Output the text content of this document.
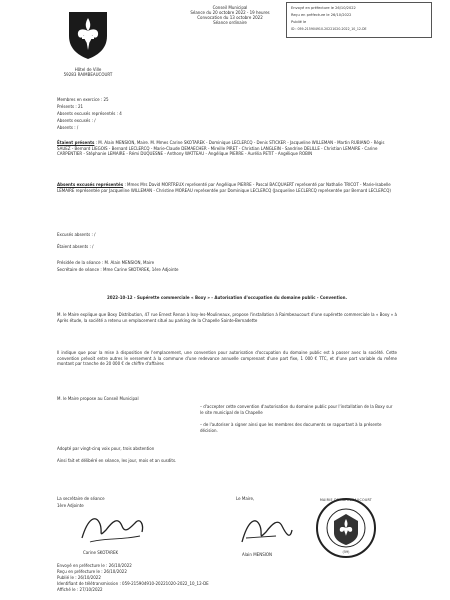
Hôtel de Ville
59283 RAIMBEAUCOURT
Conseil Municipal
Séance du 20 octobre 2022 - 19 heures
Convocation du 13 octobre 2022
Séance ordinaire
Envoyé en préfecture le 26/10/2022
Reçu en préfecture le 26/10/2022
Publié le
ID : 059-215904910-20221020-2022_10_12-DE
Membres en exercice : 25
Présents : 21
Absents excusés représentés : 4
Absents excusés : /
Absents : /
Étaient présents : M. Alain MENSION, Maire. M. Mmes Carine SKOTAREK - Dominique LECLERCQ - Denis STICKER - Jacqueline WILLEMAN - Martin RUBIANO - Régis SAUEZ - Bernard LIEGOIS - Bernard LECLERCQ - Marie-Claude DEMAECHER - Mireille PIRET - Christian LANGLEIN - Sandrine DELILLE - Christian LEMAIRE - Carine CARPENTIER - Stéphanie LEMAIRE - Rémi DUQUESNE - Anthony WATTEAU - Angélique PIERRE - Aurélia PETIT - Angélique ROBIN
Absents excusés représentés : Mmes Mrs David MORTREUX représenté par Angélique PIERRE - Pascal BACQUAERT représenté par Nathalie TRICOT - Marie-Isabelle LEMAIRE représentée par Jacqueline WILLEMAN - Christine MOREAU représentée par Dominique LECLERCQ (Jacqueline LECLERCQ représentée par Bernard LECLERCQ)
Excusés absents : /
Étaient absents : /
Présidée de la séance : M. Alain MENSION, Maire
Secrétaire de séance : Mme Carine SKOTAREK, 1ère Adjointe
2022-10-12 - Supérette commerciale « Boxy » - Autorisation d'occupation du domaine public - Convention.
M. le Maire explique que Boxy Distribution, 47 rue Ernest Renan à Issy-les-Moulineaux, propose l'installation à Raimbeaucourt d'une supérette commerciale la « Boxy » à Après étude, la société a retenu un emplacement situé au parking de la Chapelle Sainte-Bernadette
Il indique que pour la mise à disposition de l'emplacement, une convention pour autorisation d'occupation du domaine public est à passer avec la société. Cette convention prévoit entre autres le versement à la commune d'une redevance annuelle comprenant d'une part fixe, 1 000 € TTC, et d'une part variable du même montant par tranche de 20 000 € de chiffre d'affaires
M. le Maire propose au Conseil Municipal
– d'accepter cette convention d'autorisation du domaine public pour l'installation de la Boxy sur le site municipal de la Chapelle
– de l'autoriser à signer ainsi que les membres des documents se rapportant à la présente décision.
Adopté par vingt-cinq voix pour, trois abstention
Ainsi fait et délibéré en séance, les jour, mois et an susdits.
La secrétaire de séance
1ère Adjointe
Carine SKOTAREK
Le Maire,
Alain MENSION
MAIRIE DE RAIMBEAUCOURT
(59)
Envoyé en préfecture le : 26/10/2022
Reçu en préfecture le : 26/10/2022
Publié le : 26/10/2022
Identifiant de télétransmission : 059-215904910-20221020-2022_10_12-DE
Affiché le : 27/10/2022
